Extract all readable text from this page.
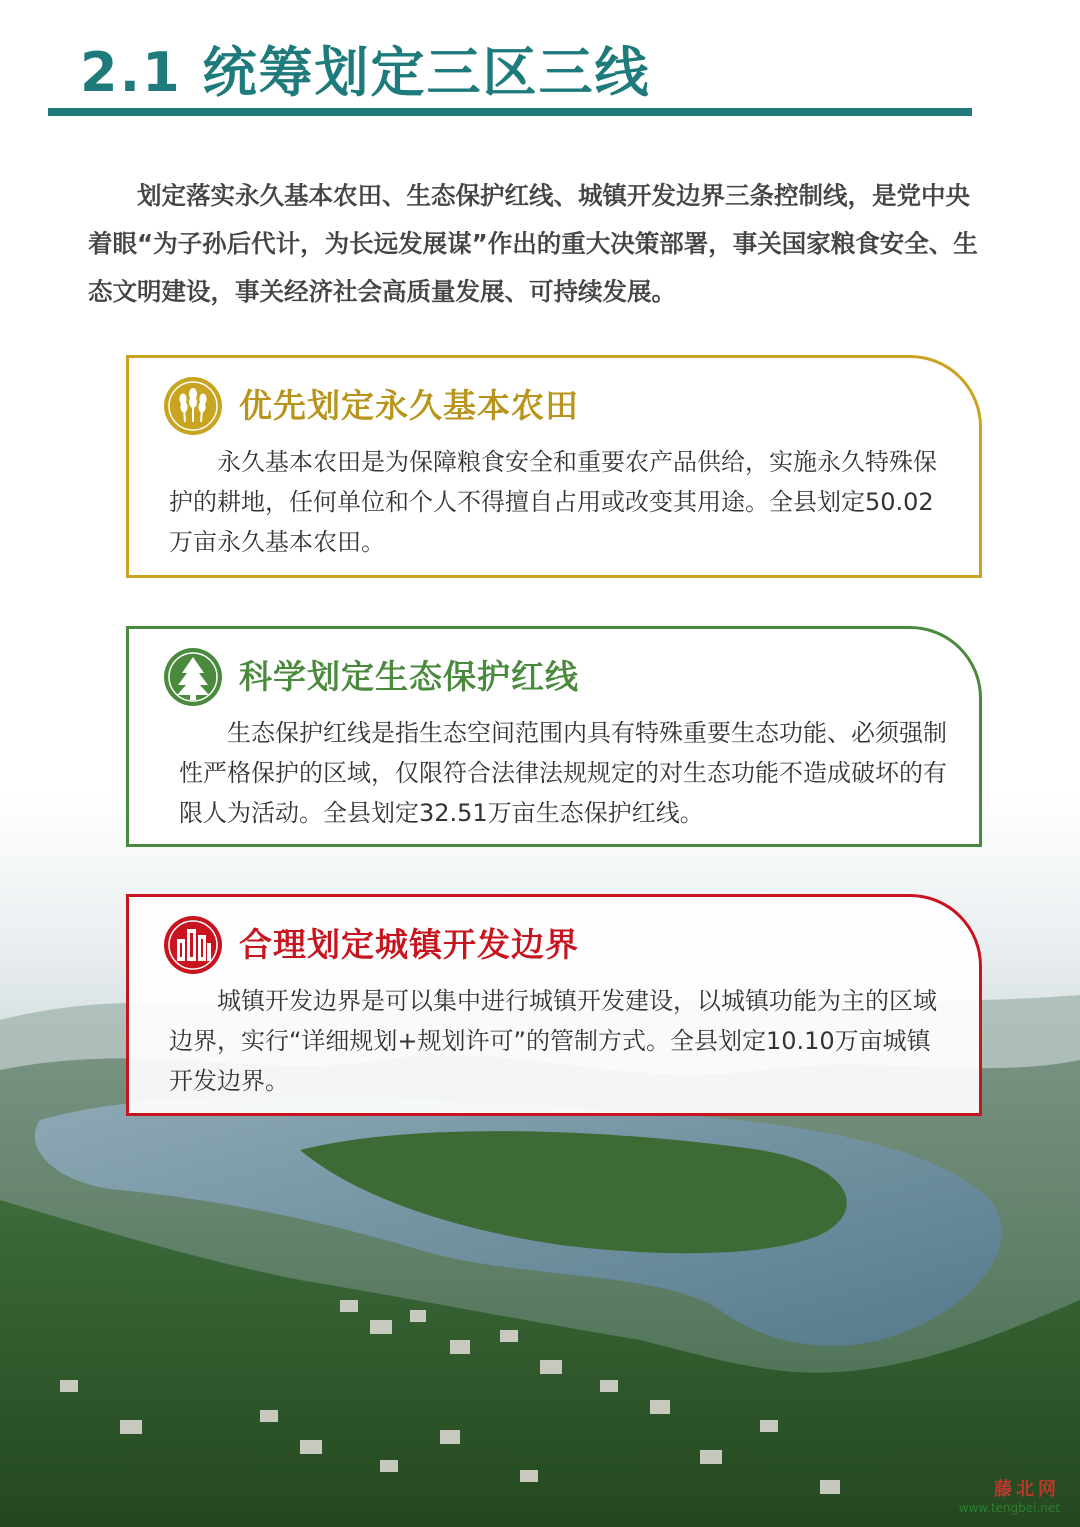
2.1 统筹划定三区三线

划定落实永久基本农田、生态保护红线、城镇开发边界三条控制线，是党中央着眼“为子孙后代计，为长远发展谋”作出的重大决策部署，事关国家粮食安全、生态文明建设，事关经济社会高质量发展、可持续发展。

优先划定永久基本农田

永久基本农田是为保障粮食安全和重要农产品供给，实施永久特殊保护的耕地，任何单位和个人不得擅自占用或改变其用途。全县划定50.02万亩永久基本农田。

科学划定生态保护红线

生态保护红线是指生态空间范围内具有特殊重要生态功能、必须强制性严格保护的区域，仅限符合法律法规规定的对生态功能不造成破坏的有限人为活动。全县划定32.51万亩生态保护红线。

合理划定城镇开发边界

城镇开发边界是可以集中进行城镇开发建设，以城镇功能为主的区域边界，实行“详细规划+规划许可”的管制方式。全县划定10.10万亩城镇开发边界。

藤北网
www.tengbei.net
